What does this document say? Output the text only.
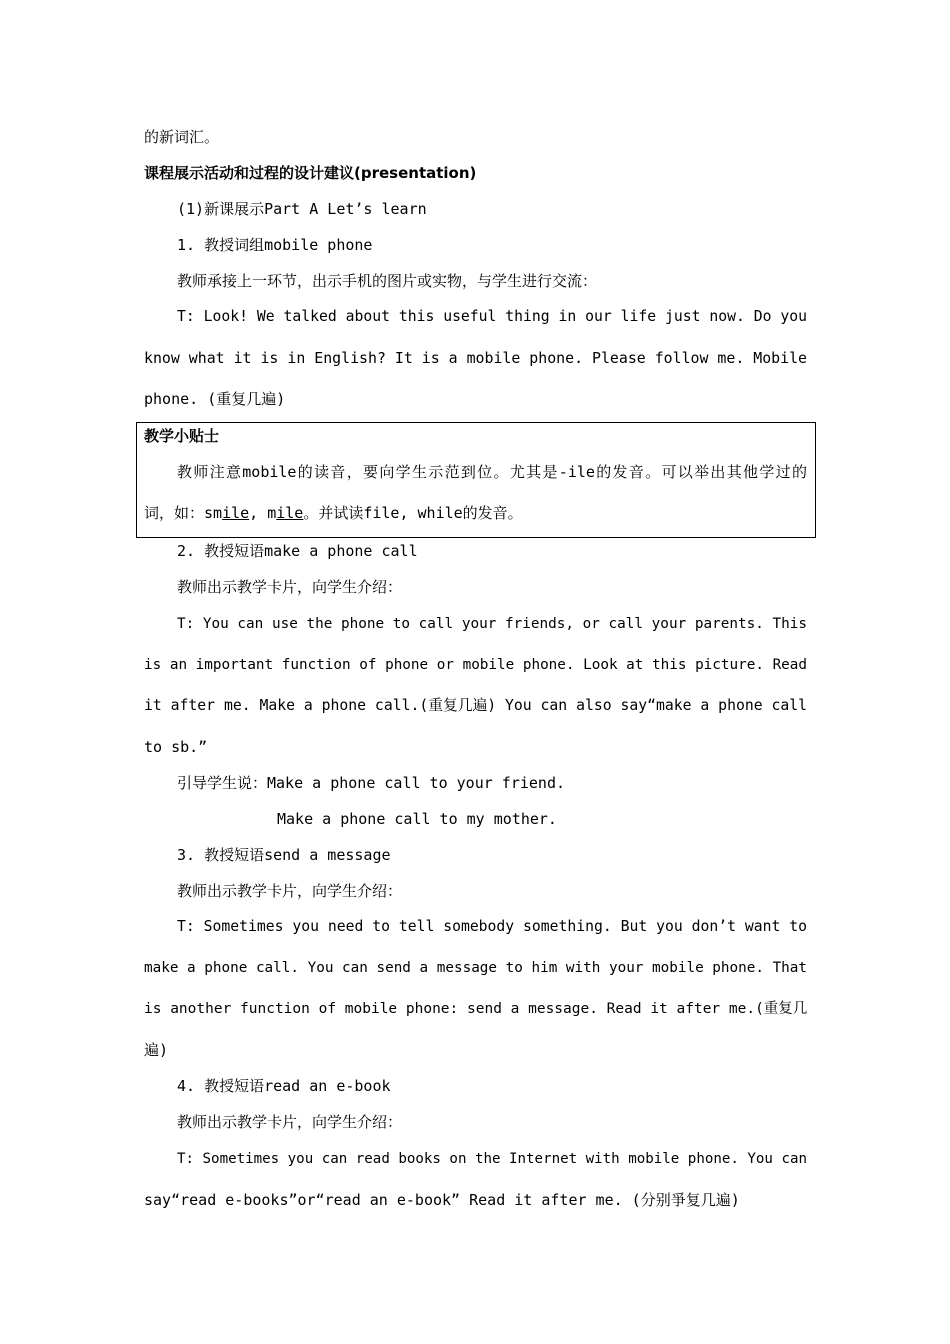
的新词汇。
课程展示活动和过程的设计建议(presentation)
(1)新课展示Part A Let’s learn
1. 教授词组mobile phone
教师承接上一环节，出示手机的图片或实物，与学生进行交流：
T: Look! We talked about this useful thing in our life just now. Do you
know what it is in English? It is a mobile phone. Please follow me. Mobile
phone. (重复几遍)
教学小贴士
教师注意mobile的读音，要向学生示范到位。尤其是-ile的发音。可以举出其他学过的
词，如：smile, mile。并试读file, while的发音。
2. 教授短语make a phone call
教师出示教学卡片，向学生介绍：
T: You can use the phone to call your friends, or call your parents. This
is an important function of phone or mobile phone. Look at this picture. Read
it after me. Make a phone call.(重复几遍) You can also say“make a phone call
to sb.”
引导学生说：Make a phone call to your friend.
Make a phone call to my mother.
3. 教授短语send a message
教师出示教学卡片，向学生介绍：
T: Sometimes you need to tell somebody something. But you don’t want to
make a phone call. You can send a message to him with your mobile phone. That
is another function of mobile phone: send a message. Read it after me.(重复几
遍)
4. 教授短语read an e-book
教师出示教学卡片，向学生介绍：
T: Sometimes you can read books on the Internet with mobile phone. You can
say“read e-books”or“read an e-book” Read it after me. (分别爭复几遍)
